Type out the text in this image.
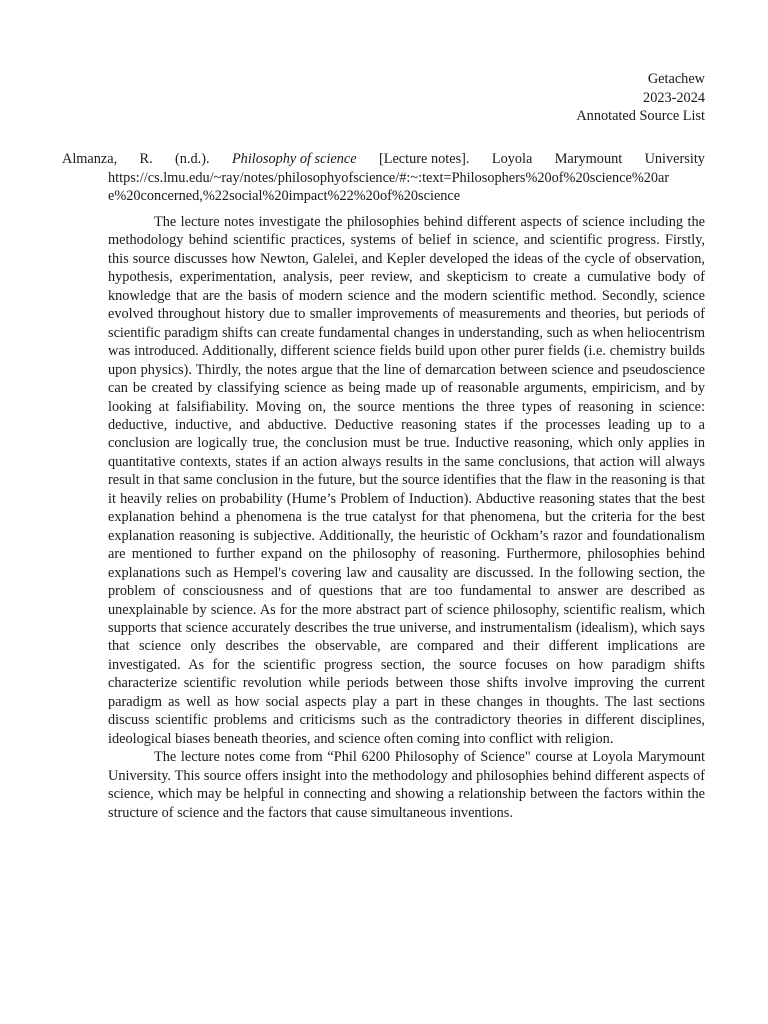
Getachew
2023-2024
Annotated Source List
Almanza, R. (n.d.). Philosophy of science [Lecture notes]. Loyola Marymount University
https://cs.lmu.edu/~ray/notes/philosophyofscience/#:~:text=Philosophers%20of%20science%20ar
e%20concerned,%22social%20impact%22%20of%20science

The lecture notes investigate the philosophies behind different aspects of science including the methodology behind scientific practices, systems of belief in science, and scientific progress. Firstly, this source discusses how Newton, Galelei, and Kepler developed the ideas of the cycle of observation, hypothesis, experimentation, analysis, peer review, and skepticism to create a cumulative body of knowledge that are the basis of modern science and the modern scientific method. Secondly, science evolved throughout history due to smaller improvements of measurements and theories, but periods of scientific paradigm shifts can create fundamental changes in understanding, such as when heliocentrism was introduced. Additionally, different science fields build upon other purer fields (i.e. chemistry builds upon physics). Thirdly, the notes argue that the line of demarcation between science and pseudoscience can be created by classifying science as being made up of reasonable arguments, empiricism, and by looking at falsifiability. Moving on, the source mentions the three types of reasoning in science: deductive, inductive, and abductive. Deductive reasoning states if the processes leading up to a conclusion are logically true, the conclusion must be true. Inductive reasoning, which only applies in quantitative contexts, states if an action always results in the same conclusions, that action will always result in that same conclusion in the future, but the source identifies that the flaw in the reasoning is that it heavily relies on probability (Hume’s Problem of Induction). Abductive reasoning states that the best explanation behind a phenomena is the true catalyst for that phenomena, but the criteria for the best explanation reasoning is subjective. Additionally, the heuristic of Ockham’s razor and foundationalism are mentioned to further expand on the philosophy of reasoning. Furthermore, philosophies behind explanations such as Hempel's covering law and causality are discussed. In the following section, the problem of consciousness and of questions that are too fundamental to answer are described as unexplainable by science. As for the more abstract part of science philosophy, scientific realism, which supports that science accurately describes the true universe, and instrumentalism (idealism), which says that science only describes the observable, are compared and their different implications are investigated. As for the scientific progress section, the source focuses on how paradigm shifts characterize scientific revolution while periods between those shifts involve improving the current paradigm as well as how social aspects play a part in these changes in thoughts. The last sections discuss scientific problems and criticisms such as the contradictory theories in different disciplines, ideological biases beneath theories, and science often coming into conflict with religion.

The lecture notes come from “Phil 6200 Philosophy of Science" course at Loyola Marymount University. This source offers insight into the methodology and philosophies behind different aspects of science, which may be helpful in connecting and showing a relationship between the factors within the structure of science and the factors that cause simultaneous inventions.
